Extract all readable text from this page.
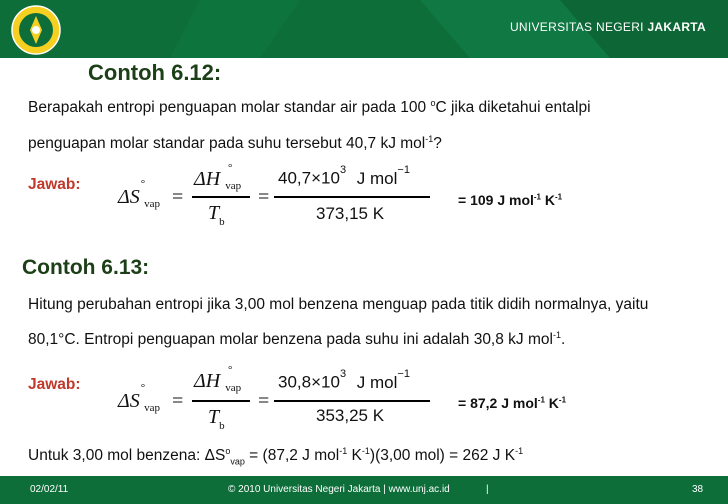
UNIVERSITAS NEGERI JAKARTA
Contoh 6.12:
Berapakah entropi penguapan molar standar air pada 100 $^o$C jika diketahui entalpi
penguapan molar standar pada suhu tersebut 40,7 kJ mol$^{-1}$?
Jawab:
ΔS ° $_{vap}$ =
ΔH $_{vap}$
°
$T_b$
=
$40,7\times 10^3$ J mol$^{-1}$
373,15 K
= 109 J mol$^{-1}$ $K^{-1}$
Contoh 6.13:
Hitung perubahan entropi jika 3,00 mol benzena menguap pada titik didih normalnya, yaitu
80,1°C. Entropi penguapan molar benzena pada suhu ini adalah 30,8 kJ mol$^{-1}$.
Jawab:
ΔS ° $_{vap}$ =
ΔH $_{vap}$
°
$T_b$
=
$30,8\times 10^3$ J mol$^{-1}$
353,25 K
= 87,2 J mol$^{-1}$ $K^{-1}$
Untuk 3,00 mol benzena: $\Delta S^o_{vap} = (87,2$ J mol$^{-1}$ $K^{-1})(3,00$ mol) = 262 J $K^{-1}$
02/02/11	© 2010 Universitas Negeri Jakarta | www.unj.ac.id	|	38
